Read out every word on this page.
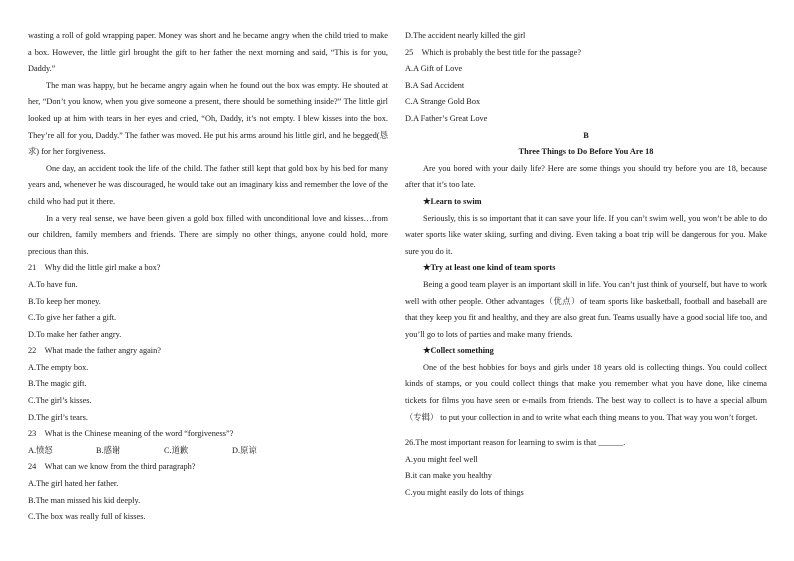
wasting a roll of gold wrapping paper. Money was short and he became angry when the child tried to make a box. However, the little girl brought the gift to her father the next morning and said, “This is for you, Daddy.”

The man was happy, but he became angry again when he found out the box was empty. He shouted at her, “Don’t you know, when you give someone a present, there should be something inside?” The little girl looked up at him with tears in her eyes and cried, “Oh, Daddy, it’s not empty. I blew kisses into the box. They’re all for you, Daddy.” The father was moved. He put his arms around his little girl, and he begged(恳求) for her forgiveness.

One day, an accident took the life of the child. The father still kept that gold box by his bed for many years and, whenever he was discouraged, he would take out an imaginary kiss and remember the love of the child who had put it there.

In a very real sense, we have been given a gold box filled with unconditional love and kisses…from our children, family members and friends. There are simply no other things, anyone could hold, more precious than this.

21　Why did the little girl make a box?

A.To have fun.

B.To keep her money.

C.To give her father a gift.

D.To make her father angry.

22　What made the father angry again?

A.The empty box.

B.The magic gift.

C.The girl’s kisses.

D.The girl’s tears.

23　What is the Chinese meaning of the word “forgiveness”?

A.愤怒	B.感谢	C.道歉	D.原谅

24　What can we know from the third paragraph?

A.The girl hated her father.

B.The man missed his kid deeply.

C.The box was really full of kisses.

D.The accident nearly killed the girl

25　Which is probably the best title for the passage?

A.A Gift of Love

B.A Sad Accident

C.A Strange Gold Box

D.A Father’s Great Love

B

Three Things to Do Before You Are 18

Are you bored with your daily life? Here are some things you should try before you are 18, because after that it’s too late.

★Learn to swim

Seriously, this is so important that it can save your life. If you can’t swim well, you won’t be able to do water sports like water skiing, surfing and diving. Even taking a boat trip will be dangerous for you. Make sure you do it.

★Try at least one kind of team sports

Being a good team player is an important skill in life. You can’t just think of yourself, but have to work well with other people. Other advantages（优点）of team sports like basketball, football and baseball are that they keep you fit and healthy, and they are also great fun. Teams usually have a good social life too, and you’ll go to lots of parties and make many friends.

★Collect something

One of the best hobbies for boys and girls under 18 years old is collecting things. You could collect kinds of stamps, or you could collect things that make you remember what you have done, like cinema tickets for films you have seen or e-mails from friends. The best way to collect is to have a special album（专辑） to put your collection in and to write what each thing means to you. That way you won’t forget.

26.The most important reason for learning to swim is that ______.

A.you might feel well

B.it can make you healthy

C.you might easily do lots of things
